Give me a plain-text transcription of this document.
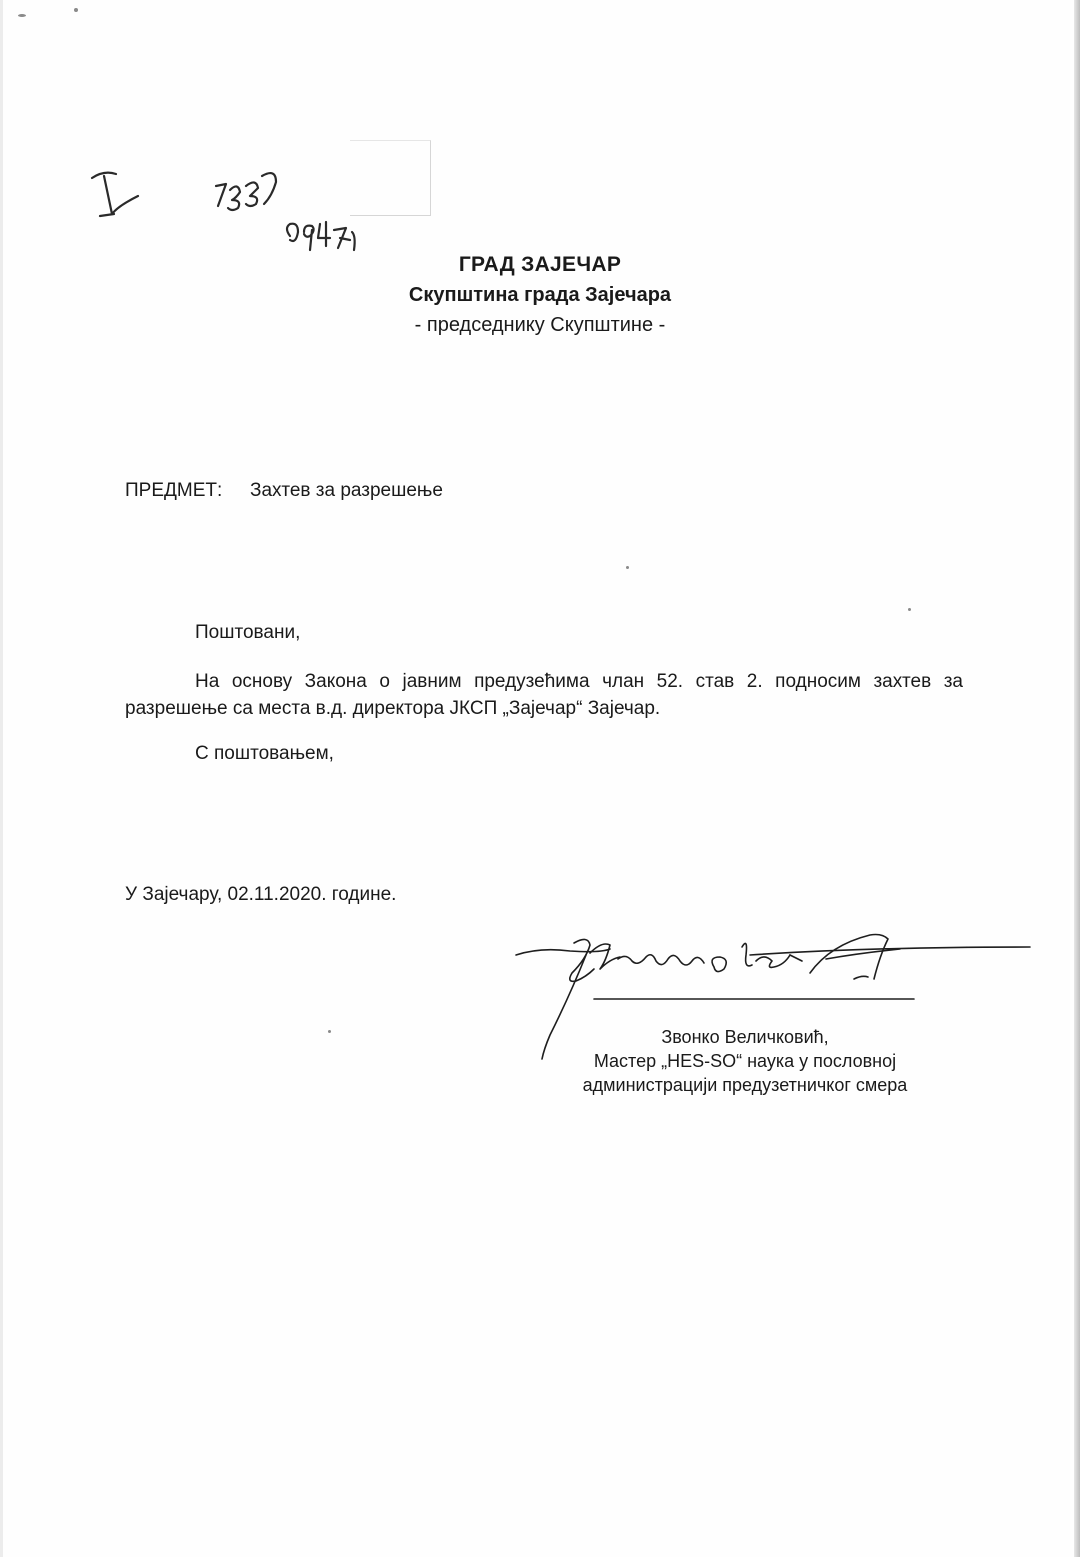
I 7337 0947
ГРАД ЗАЈЕЧАР
Скупштина града Зајечара
- председнику Скупштине -
ПРЕДМЕТ: Захтев за разрешење
Поштовани,
На основу Закона о јавним предузећима члан 52. став 2. подносим захтев за разрешење са места в.д. директора ЈКСП „Зајечар“ Зајечар.
С поштовањем,
У Зајечару, 02.11.2020. године.
Звонко Величковић,
Мастер „HES-SO“ наука у пословној
администрацији предузетничког смера
